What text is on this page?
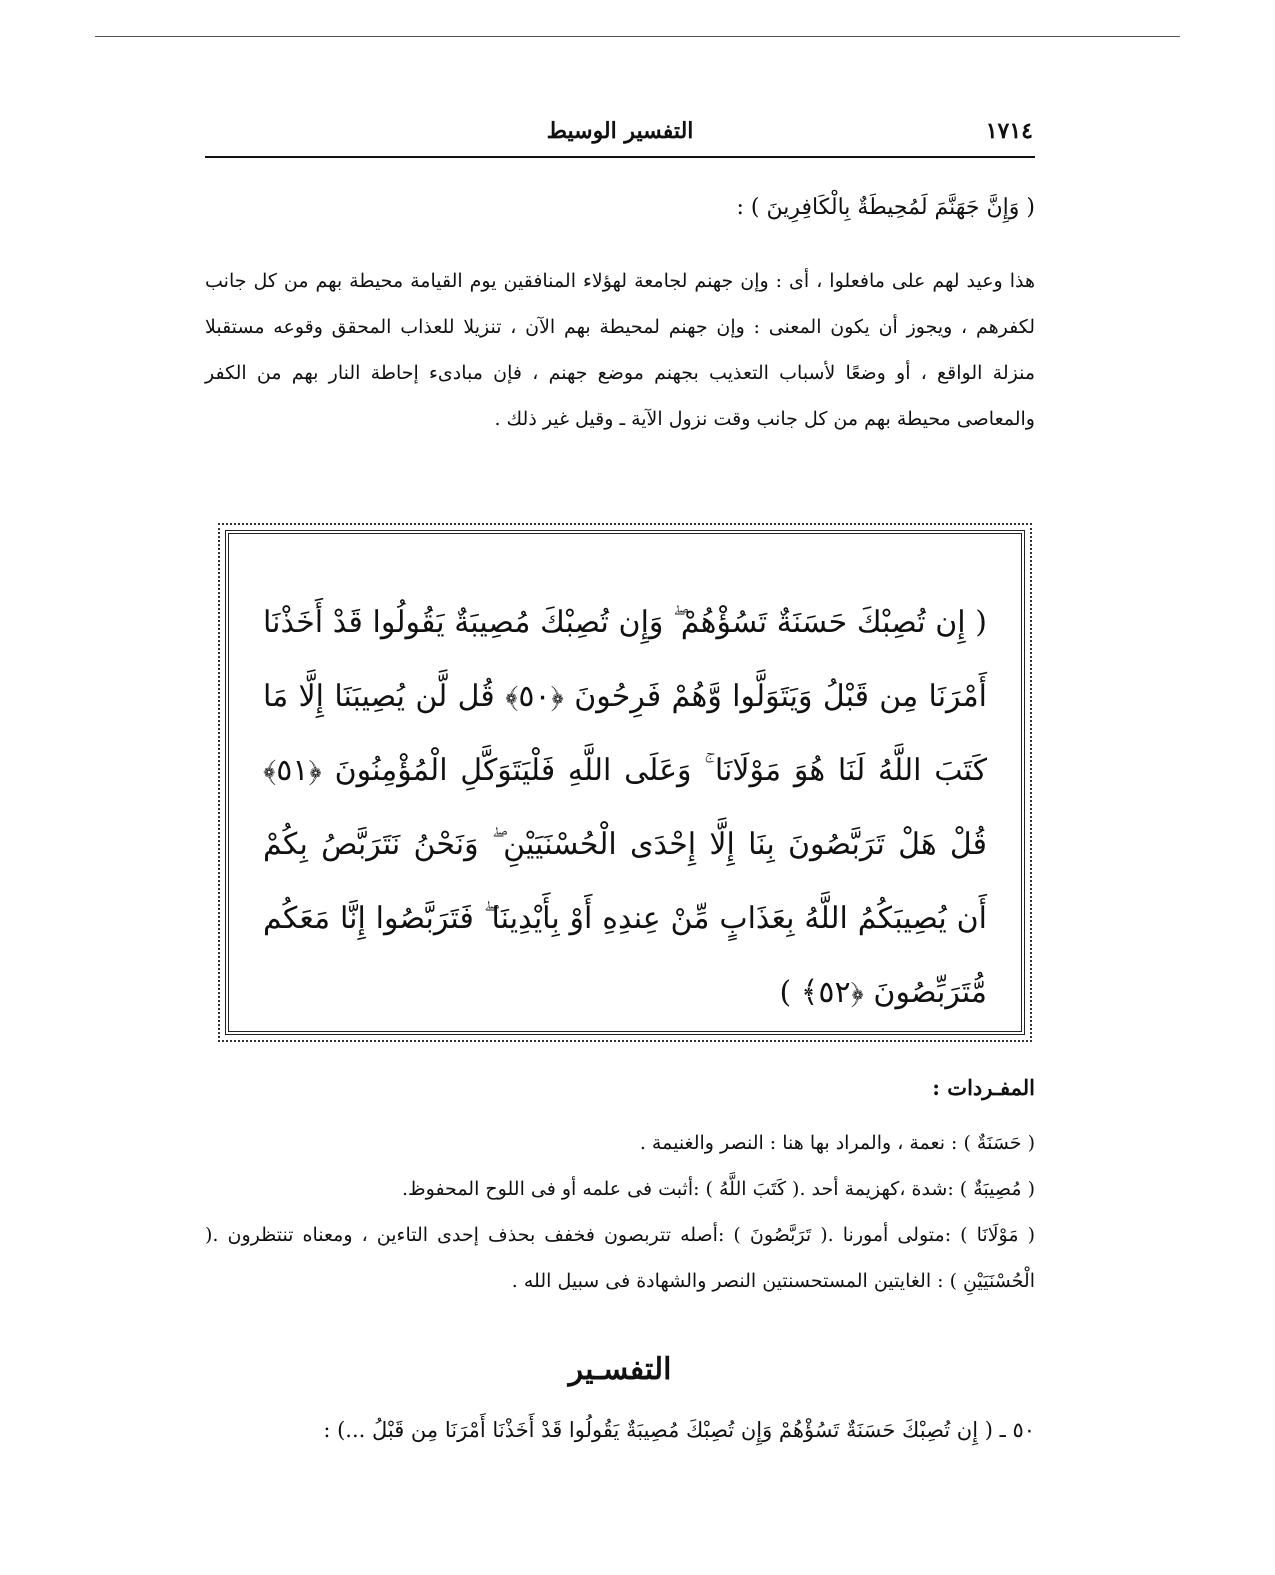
١٧١٤
التفسير الوسيط
( وَإِنَّ جَهَنَّمَ لَمُحِيطَةٌ بِالْكَافِرِينَ ) :

هذا وعيد لهم على مافعلوا ، أى : وإن جهنم لجامعة لهؤلاء المنافقين يوم القيامة محيطة بهم من كل جانب لكفرهم ، ويجوز أن يكون المعنى : وإن جهنم لمحيطة بهم الآن ، تنزيلا للعذاب المحقق وقوعه مستقبلا منزلة الواقع ، أو وضعًا لأسباب التعذيب بجهنم موضع جهنم ، فإن مبادىء إحاطة النار بهم من الكفر والمعاصى محيطة بهم من كل جانب وقت نزول الآية ـ وقيل غير ذلك .

( إِن تُصِبْكَ حَسَنَةٌ تَسُؤْهُمْ ۖ وَإِن تُصِبْكَ مُصِيبَةٌ يَقُولُوا قَدْ أَخَذْنَا أَمْرَنَا مِن قَبْلُ وَيَتَوَلَّوا وَّهُمْ فَرِحُونَ ﴿٥٠﴾ قُل لَّن يُصِيبَنَا إِلَّا مَا كَتَبَ اللَّهُ لَنَا هُوَ مَوْلَانَا ۚ وَعَلَى اللَّهِ فَلْيَتَوَكَّلِ الْمُؤْمِنُونَ ﴿٥١﴾ قُلْ هَلْ تَرَبَّصُونَ بِنَا إِلَّا إِحْدَى الْحُسْنَيَيْنِ ۖ وَنَحْنُ نَتَرَبَّصُ بِكُمْ أَن يُصِيبَكُمُ اللَّهُ بِعَذَابٍ مِّنْ عِندِهِ أَوْ بِأَيْدِينَا ۖ فَتَرَبَّصُوا إِنَّا مَعَكُم مُّتَرَبِّصُونَ ﴿٥٢﴾ )
المفـردات :

( حَسَنَةٌ ) : نعمة ، والمراد بها هنا : النصر والغنيمة .

( مُصِيبَةٌ ) :شدة ،كهزيمة أحد .( كَتَبَ اللَّهُ ) :أثبت فى علمه أو فى اللوح المحفوظ.

( مَوْلَانَا ) :متولى أمورنا .( تَرَبَّصُونَ ) :أصله تتربصون فخفف بحذف إحدى التاءين ، ومعناه تنتظرون .( الْحُسْنَيَيْنِ ) : الغايتين المستحسنتين النصر والشهادة فى سبيل الله .

التفسـير
٥٠ ـ ( إِن تُصِبْكَ حَسَنَةٌ تَسُؤْهُمْ وَإِن تُصِبْكَ مُصِيبَةٌ يَقُولُوا قَدْ أَخَذْنَا أَمْرَنَا مِن قَبْلُ ...) :
